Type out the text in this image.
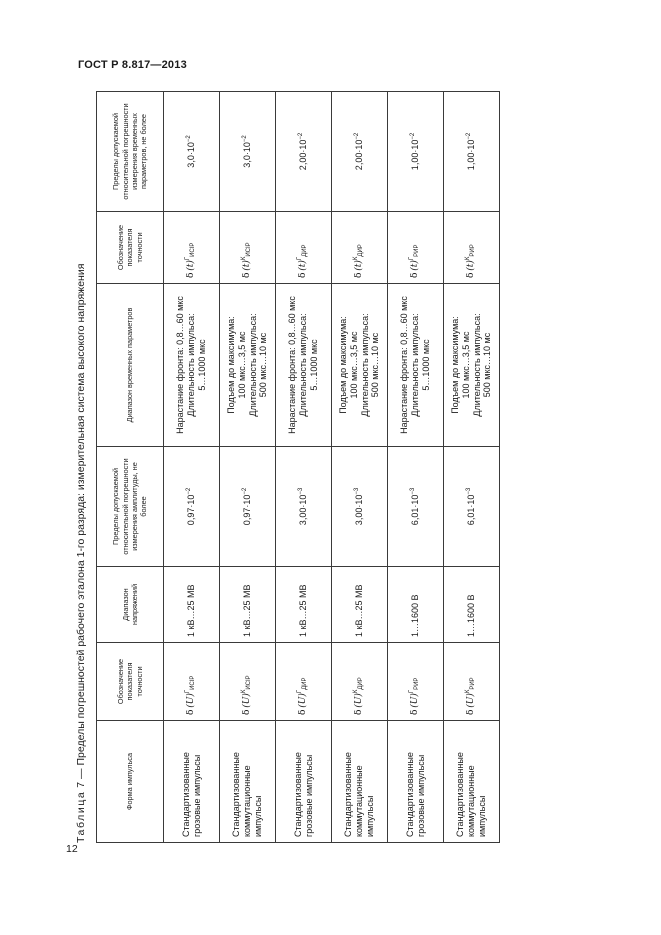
ГОСТ Р 8.817—2013
12
Таблица 7 — Пределы погрешностей рабочего эталона 1-го разряда: измерительная система высокого напряжения	Форма импульса	Обозначение показателя точности	Диапазон напряжений	Пределы допускаемой относительной погрешности измерения амплитуды, не более	Диапазон временных параметров	Обозначение показателя точности	Пределы допускаемой относительной погрешности измерения временных параметров, не более
Стандартизованные грозовые импульсы	δ $(U)^Г_{ИСIР}$	1 кВ…25 МВ	$0,97\cdot 10^{-2}$	Нарастание фронта: 0,8…60 мкс Длительность импульса: 5…1000 мкс	δ $(t)^Г_{ИСIР}$	$3,0\cdot 10^{-2}$
Стандартизованные коммутационные импульсы	δ $(U)^К_{ИСIР}$	1 кВ…25 МВ	$0,97\cdot 10^{-2}$	Подъем до максимума: 100 мкс…3,5 мс Длительность импульса: 500 мкс…10 мс	δ $(t)^К_{ИСIР}$	$3,0\cdot 10^{-2}$
Стандартизованные грозовые импульсы	δ $(U)^Г_{ДИР}$	1 кВ…25 МВ	$3,00\cdot 10^{-3}$	Нарастание фронта: 0,8…60 мкс Длительность импульса: 5…1000 мкс	δ $(t)^Г_{ДИР}$	$2,00\cdot 10^{-2}$
Стандартизованные коммутационные импульсы	δ $(U)^К_{ДИР}$	1 кВ…25 МВ	$3,00\cdot 10^{-3}$	Подъем до максимума: 100 мкс…3,5 мс Длительность импульса: 500 мкс…10 мс	δ $(t)^К_{ДИР}$	$2,00\cdot 10^{-2}$
Стандартизованные грозовые импульсы	δ $(U)^Г_{РИР}$	1…1600 В	$6,01\cdot 10^{-3}$	Нарастание фронта: 0,8…60 мкс Длительность импульса: 5…1000 мкс	δ $(t)^Г_{РИР}$	$1,00\cdot 10^{-2}$
Стандартизованные коммутационные импульсы	δ $(U)^К_{РИР}$	1…1600 В	$6,01\cdot 10^{-3}$	Подъем до максимума: 100 мкс…3,5 мс Длительность импульса: 500 мкс…10 мс	δ $(t)^К_{РИР}$	$1,00\cdot 10^{-2}$
